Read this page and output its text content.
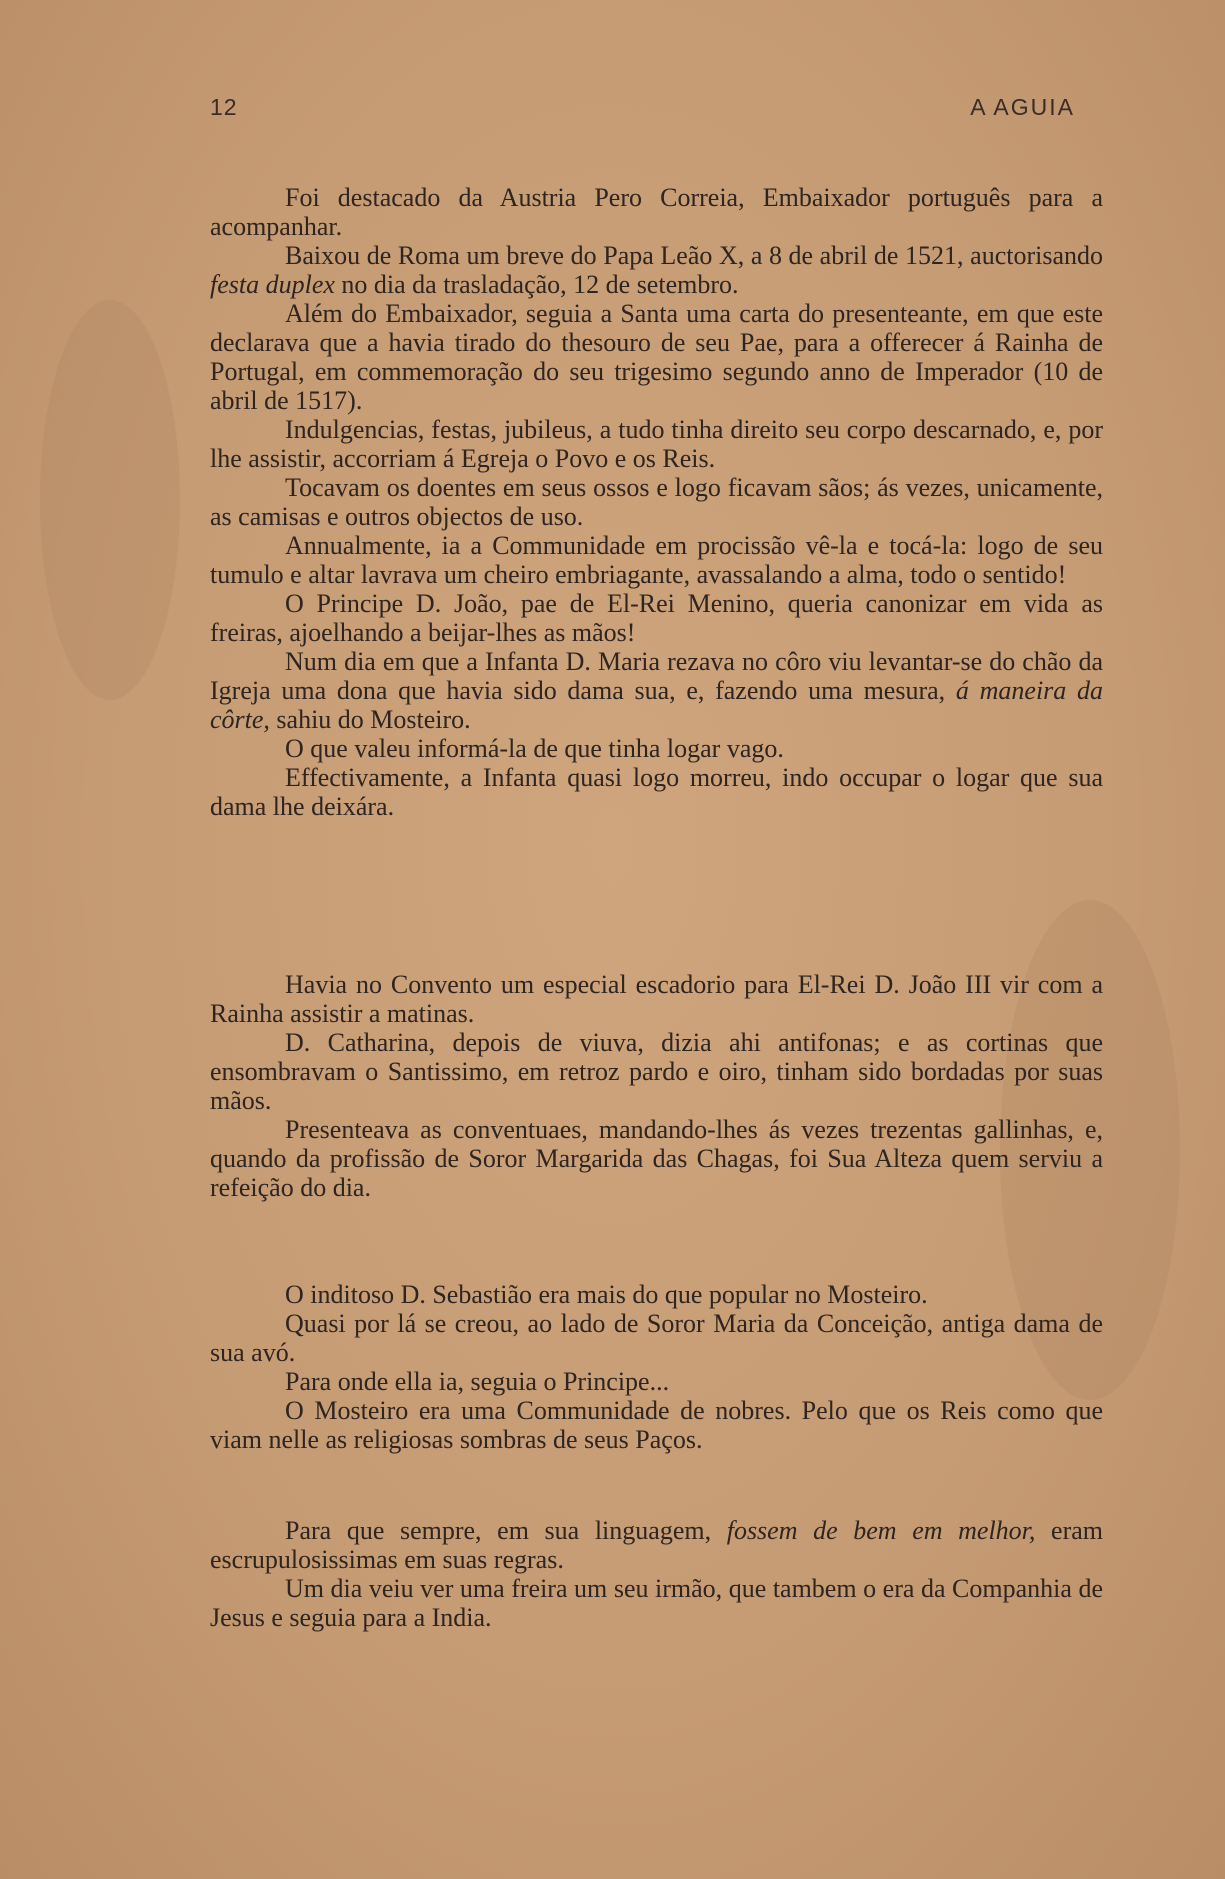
12	A AGUIA

Foi destacado da Austria Pero Correia, Embaixador português para a acompanhar.

Baixou de Roma um breve do Papa Leão X, a 8 de abril de 1521, auctorisando festa duplex no dia da trasladação, 12 de setembro.

Além do Embaixador, seguia a Santa uma carta do presenteante, em que este declarava que a havia tirado do thesouro de seu Pae, para a offerecer á Rainha de Portugal, em commemoração do seu trigesimo segundo anno de Imperador (10 de abril de 1517).

Indulgencias, festas, jubileus, a tudo tinha direito seu corpo descarnado, e, por lhe assistir, accorriam á Egreja o Povo e os Reis.

Tocavam os doentes em seus ossos e logo ficavam sãos; ás vezes, unicamente, as camisas e outros objectos de uso.

Annualmente, ia a Communidade em procissão vê-la e tocá-la: logo de seu tumulo e altar lavrava um cheiro embriagante, avassalando a alma, todo o sentido!

O Principe D. João, pae de El-Rei Menino, queria canonizar em vida as freiras, ajoelhando a beijar-lhes as mãos!

Num dia em que a Infanta D. Maria rezava no côro viu levantar-se do chão da Igreja uma dona que havia sido dama sua, e, fazendo uma mesura, á maneira da côrte, sahiu do Mosteiro.

O que valeu informá-la de que tinha logar vago.

Effectivamente, a Infanta quasi logo morreu, indo occupar o logar que sua dama lhe deixára.

Havia no Convento um especial escadorio para El-Rei D. João III vir com a Rainha assistir a matinas.

D. Catharina, depois de viuva, dizia ahi antifonas; e as cortinas que ensombravam o Santissimo, em retroz pardo e oiro, tinham sido bordadas por suas mãos.

Presenteava as conventuaes, mandando-lhes ás vezes trezentas gallinhas, e, quando da profissão de Soror Margarida das Chagas, foi Sua Alteza quem serviu a refeição do dia.

O inditoso D. Sebastião era mais do que popular no Mosteiro.

Quasi por lá se creou, ao lado de Soror Maria da Conceição, antiga dama de sua avó.

Para onde ella ia, seguia o Principe...

O Mosteiro era uma Communidade de nobres. Pelo que os Reis como que viam nelle as religiosas sombras de seus Paços.

Para que sempre, em sua linguagem, fossem de bem em melhor, eram escrupulosissimas em suas regras.

Um dia veiu ver uma freira um seu irmão, que tambem o era da Companhia de Jesus e seguia para a India.
